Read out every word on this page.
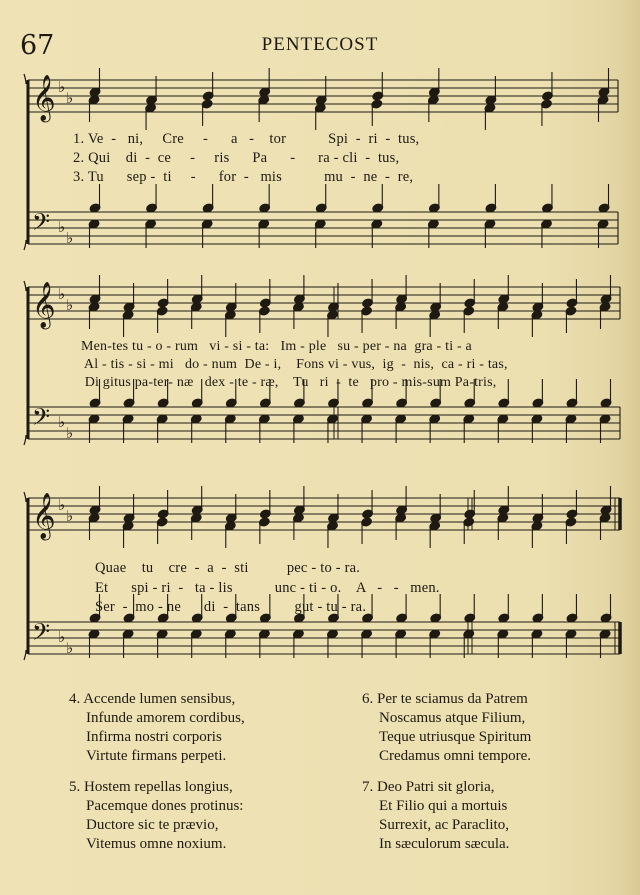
67	PENTECOST
𝄞
𝄢
♭
♭
♭
♭
𝄞
𝄢
♭
♭
♭
♭
𝄞
𝄢
♭
♭
♭
♭
1. Ve  -   ni,     Cre     -      a   -    tor           Spi  -  ri  -  tus,
2. Qui    di  -  ce     -     ris      Pa      -      ra - cli  -  tus,
3. Tu      sep -  ti     -      for  -   mis           mu  -  ne  -  re,
Men-tes tu - o - rum   vi - si - ta:   Im - ple   su - per - na  gra - ti - a
Al - tis - si - mi   do - num  De - i,    Fons vi - vus,  ig  -  nis,  ca - ri - tas,
Di gitus pa-ter- næ   dex - te - ræ,    Tu   ri  -  te   pro - mis-sum Pa-tris,
Quae    tu    cre  -  a  -  sti          pec - to - ra.
Et      spi - ri  -   ta - lis           unc - ti - o.    A   -   -   men.
Ser  -  mo - ne      di  -  tans         gut - tu - ra.
4. Accende lumen sensibus,
Infunde amorem cordibus,
Infirma nostri corporis
Virtute firmans perpeti.
5. Hostem repellas longius,
Pacemque dones protinus:
Ductore sic te prævio,
Vitemus omne noxium.
6. Per te sciamus da Patrem
Noscamus atque Filium,
Teque utriusque Spiritum
Credamus omni tempore.
7. Deo Patri sit gloria,
Et Filio qui a mortuis
Surrexit, ac Paraclito,
In sæculorum sæcula.
